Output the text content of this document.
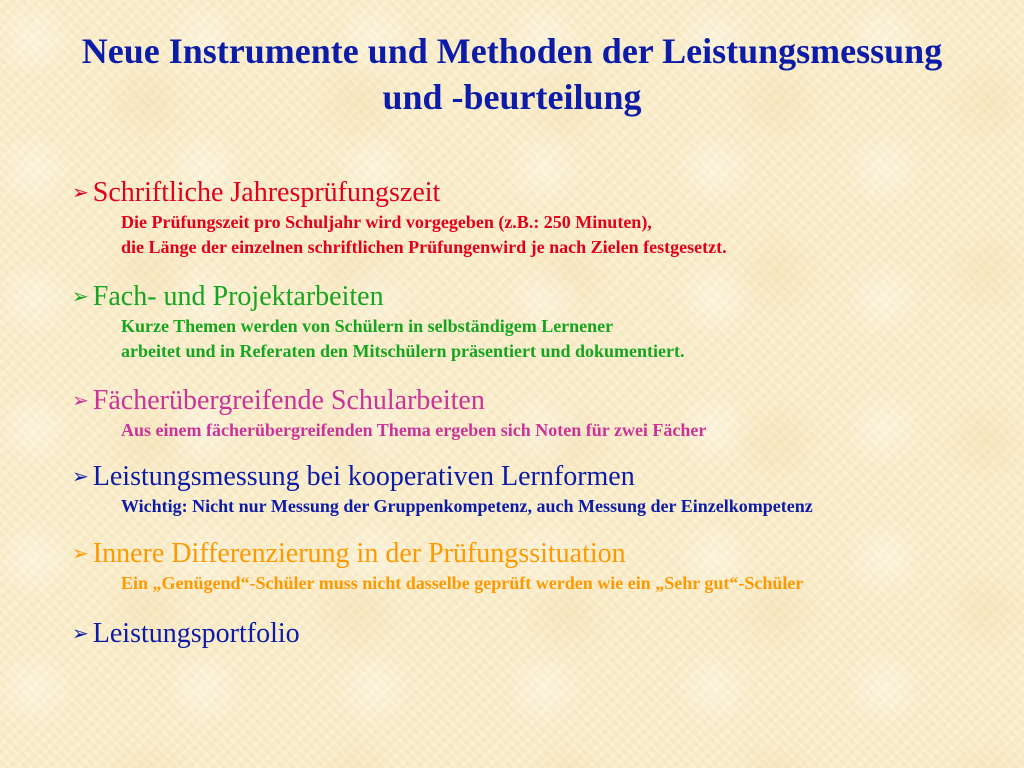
Neue Instrumente und Methoden der Leistungsmessung
und -beurteilung
➢ Schriftliche Jahresprüfungszeit
Die Prüfungszeit pro Schuljahr wird vorgegeben (z.B.: 250 Minuten),
die Länge der einzelnen schriftlichen Prüfungenwird je nach Zielen festgesetzt.
➢ Fach- und Projektarbeiten
Kurze Themen werden von Schülern in selbständigem Lernener
arbeitet und in Referaten den Mitschülern präsentiert und dokumentiert.
➢ Fächerübergreifende Schularbeiten
Aus einem fächerübergreifenden Thema ergeben sich Noten für zwei Fächer
➢ Leistungsmessung bei kooperativen Lernformen
Wichtig: Nicht nur Messung der Gruppenkompetenz, auch Messung der Einzelkompetenz
➢ Innere Differenzierung in der Prüfungssituation
Ein „Genügend“-Schüler muss nicht dasselbe geprüft werden wie ein „Sehr gut“-Schüler
➢ Leistungsportfolio
